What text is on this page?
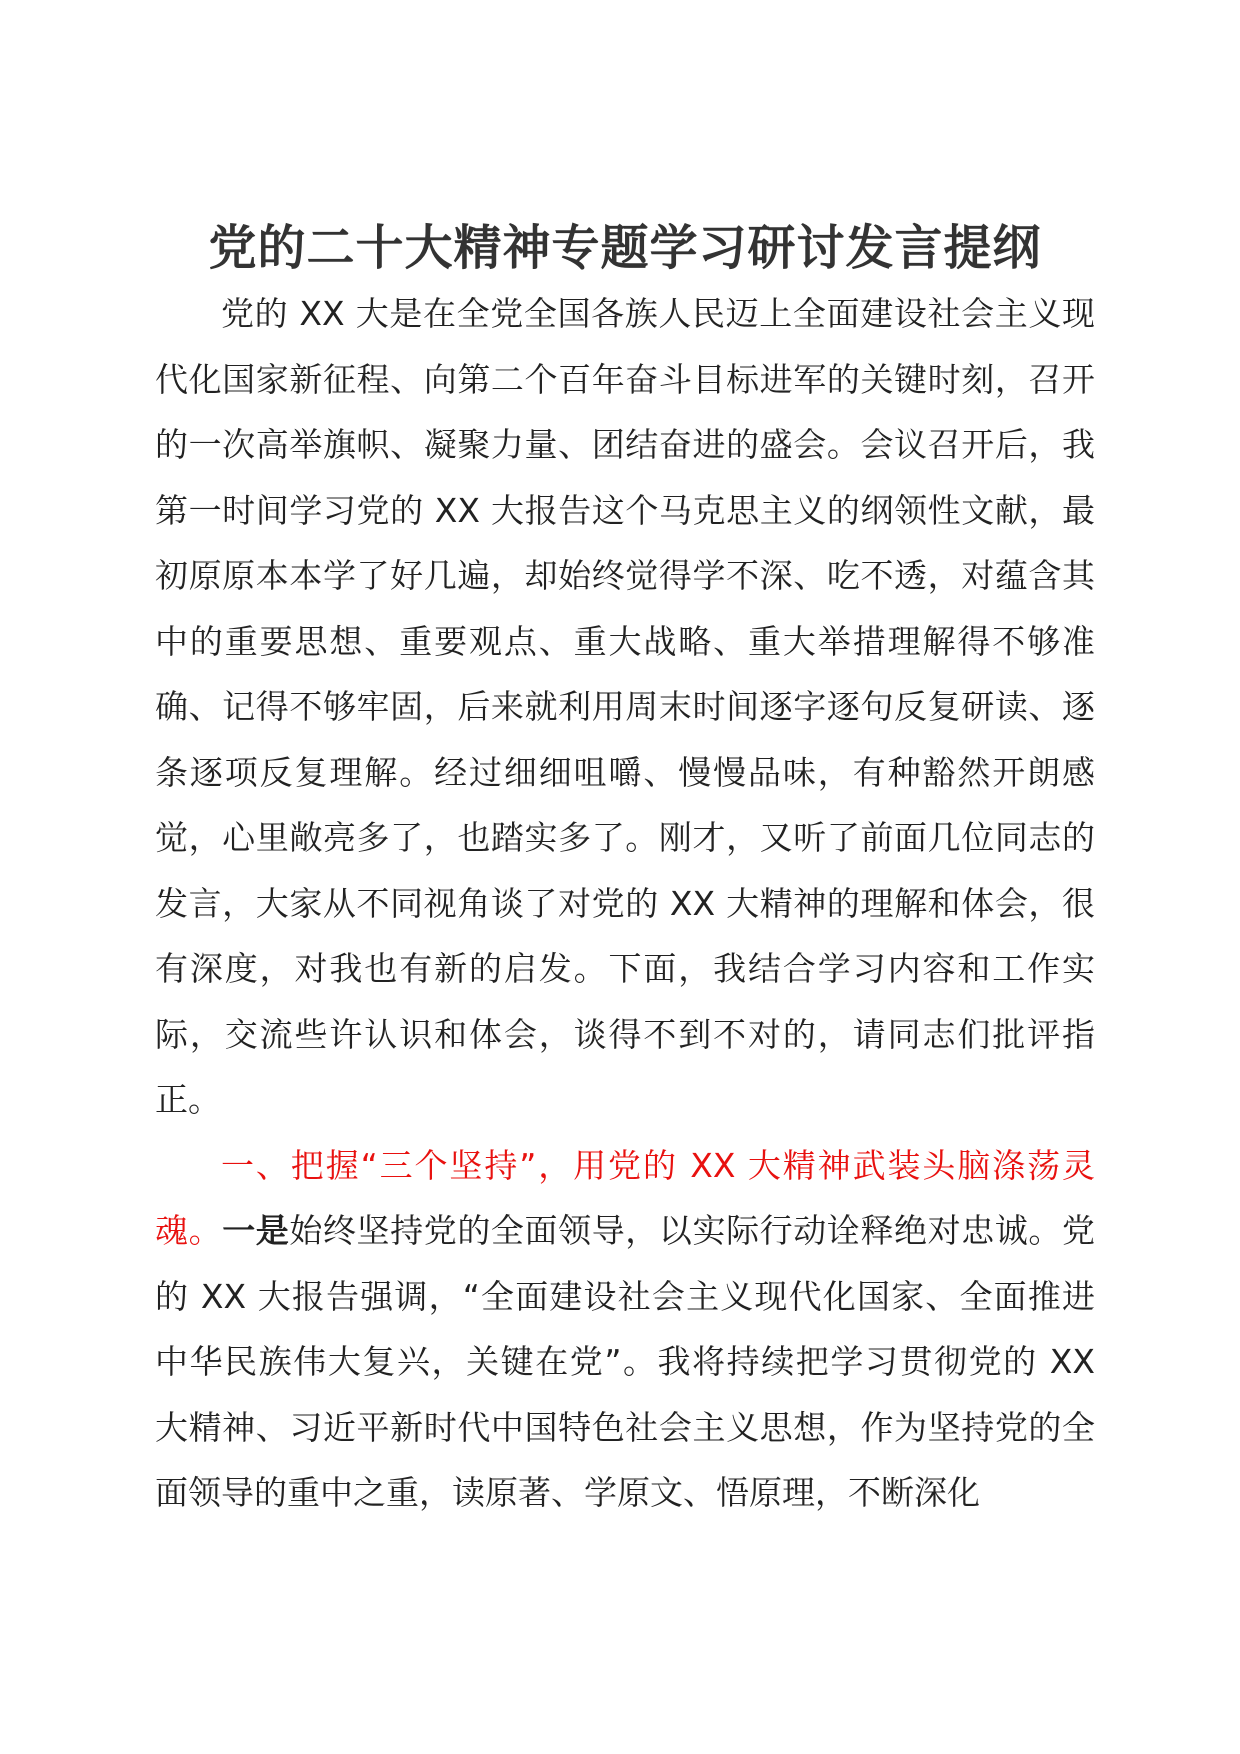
党的二十大精神专题学习研讨发言提纲

党的 XX 大是在全党全国各族人民迈上全面建设社会主义现代化国家新征程、向第二个百年奋斗目标进军的关键时刻，召开的一次高举旗帜、凝聚力量、团结奋进的盛会。会议召开后，我第一时间学习党的 XX 大报告这个马克思主义的纲领性文献，最初原原本本学了好几遍，却始终觉得学不深、吃不透，对蕴含其中的重要思想、重要观点、重大战略、重大举措理解得不够准确、记得不够牢固，后来就利用周末时间逐字逐句反复研读、逐条逐项反复理解。经过细细咀嚼、慢慢品味，有种豁然开朗感觉，心里敞亮多了，也踏实多了。刚才，又听了前面几位同志的发言，大家从不同视角谈了对党的 XX 大精神的理解和体会，很有深度，对我也有新的启发。下面，我结合学习内容和工作实际，交流些许认识和体会，谈得不到不对的，请同志们批评指正。

一、把握“三个坚持”，用党的 XX 大精神武装头脑涤荡灵魂。一是始终坚持党的全面领导，以实际行动诠释绝对忠诚。党的 XX 大报告强调，“全面建设社会主义现代化国家、全面推进中华民族伟大复兴，关键在党”。我将持续把学习贯彻党的 XX 大精神、习近平新时代中国特色社会主义思想，作为坚持党的全面领导的重中之重，读原著、学原文、悟原理，不断深化
